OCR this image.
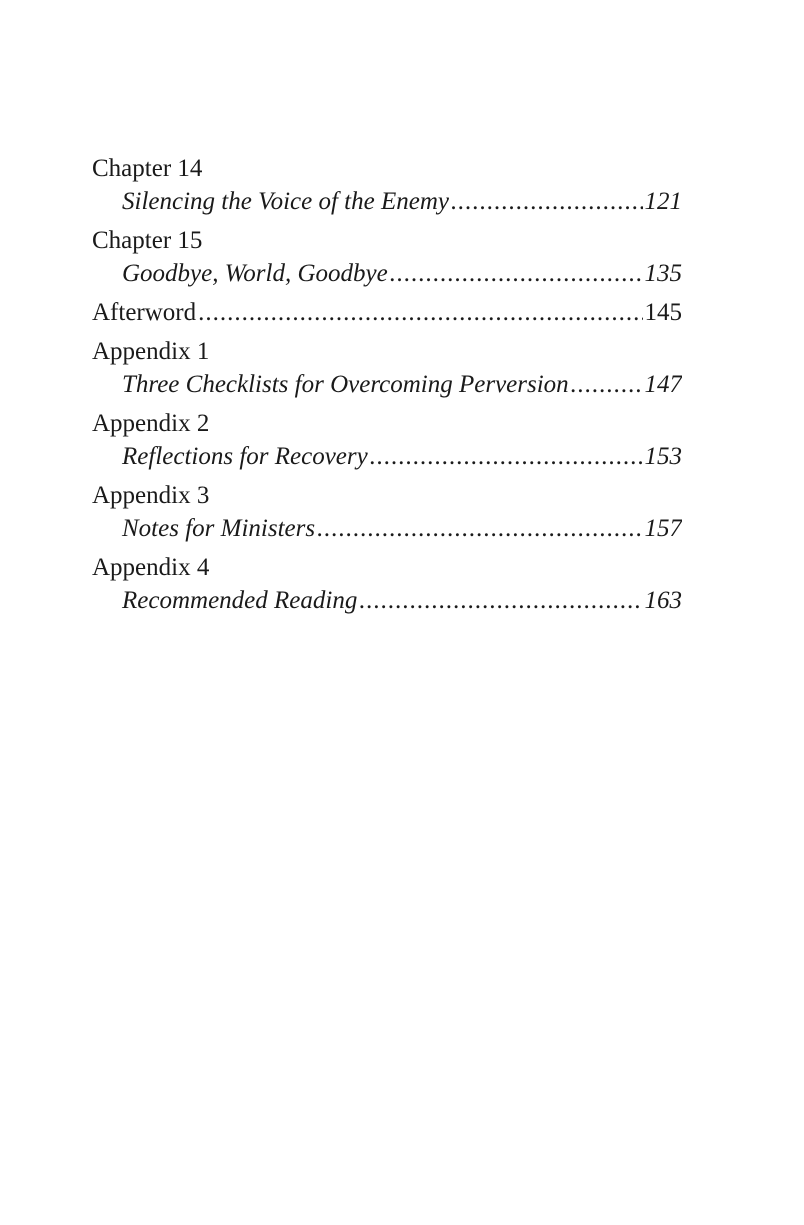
Chapter 14
Silencing the Voice of the Enemy .....	121
Chapter 15
Goodbye, World, Goodbye .....	135
Afterword .....	145
Appendix 1
Three Checklists for Overcoming Perversion .....	147
Appendix 2
Reflections for Recovery .....	153
Appendix 3
Notes for Ministers .....	157
Appendix 4
Recommended Reading .....	163
